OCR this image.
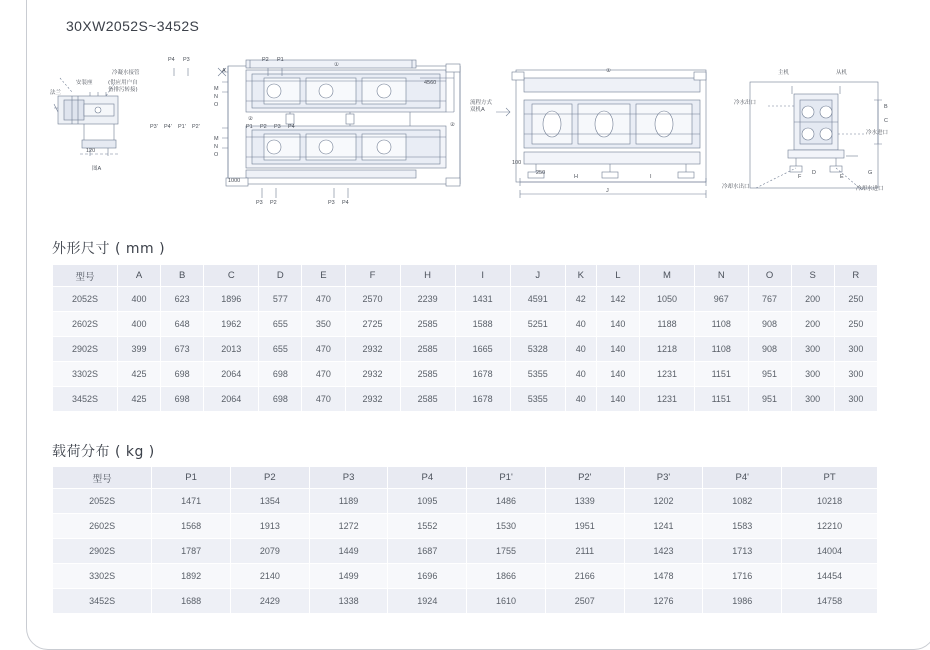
30XW2052S~3452S
图A
法兰
安装座
冷凝水接管
(供应用户自
备排污转接)
120
4560
1000
流程方式
双机A
100
250
H	I
J
主机	从机
冷水出口
冷水进口
冷却水出口	冷却水进口
A
M
N
O
M
N
O
①
②
②
①
B
C
D
E
F
G
P4 P3	P2 P1
P3' P4' P1' P2'	P1 P2 P3 P4
P3 P2	P3 P4
外形尺寸 ( mm )
型号	A	B	C	D	E	F	H	I	J	K	L	M	N	O	S	R
2052S	400	623	1896	577	470	2570	2239	1431	4591	42	142	1050	967	767	200	250
2602S	400	648	1962	655	350	2725	2585	1588	5251	40	140	1188	1108	908	200	250
2902S	399	673	2013	655	470	2932	2585	1665	5328	40	140	1218	1108	908	300	300
3302S	425	698	2064	698	470	2932	2585	1678	5355	40	140	1231	1151	951	300	300
3452S	425	698	2064	698	470	2932	2585	1678	5355	40	140	1231	1151	951	300	300
载荷分布 ( kg )
型号	P1	P2	P3	P4	P1'	P2'	P3'	P4'	PT
2052S	1471	1354	1189	1095	1486	1339	1202	1082	10218
2602S	1568	1913	1272	1552	1530	1951	1241	1583	12210
2902S	1787	2079	1449	1687	1755	2111	1423	1713	14004
3302S	1892	2140	1499	1696	1866	2166	1478	1716	14454
3452S	1688	2429	1338	1924	1610	2507	1276	1986	14758
